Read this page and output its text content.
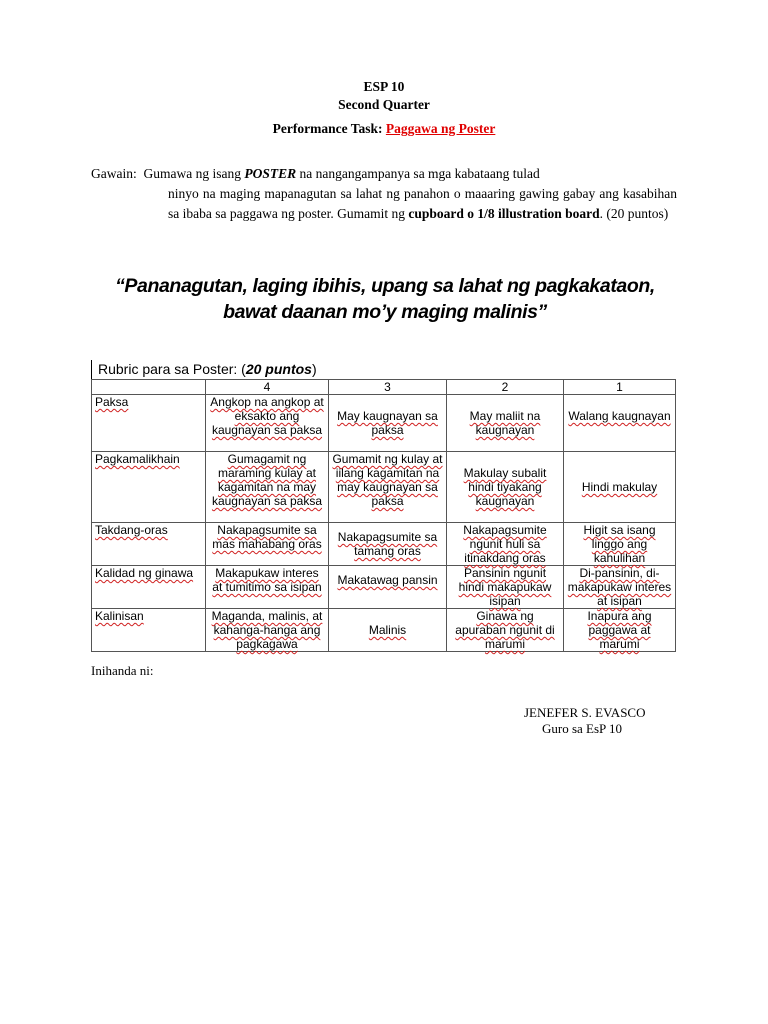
ESP 10
Second Quarter
Performance Task: Paggawa ng Poster
Gawain: Gumawa ng isang POSTER na nangangampanya sa mga kabataang tulad
ninyo na maging mapanagutan sa lahat ng panahon o maaaring gawing gabay ang kasabihan sa ibaba sa paggawa ng poster. Gumamit ng cupboard o 1/8 illustration board. (20 puntos)
“Pananagutan, laging ibihis, upang sa lahat ng pagkakataon,
bawat daanan mo’y maging malinis”
Rubric para sa Poster: (20 puntos)
	4	3	2	1
Paksa	Angkop na angkop at eksakto ang kaugnayan sa paksa	May kaugnayan sa paksa	May maliit na kaugnayan	Walang kaugnayan
Pagkamalikhain	Gumagamit ng maraming kulay at kagamitan na may kaugnayan sa paksa	Gumamit ng kulay at iilang kagamitan na may kaugnayan sa paksa	Makulay subalit hindi tiyakang kaugnayan	Hindi makulay
Takdang-oras	Nakapagsumite sa mas mahabang oras	Nakapagsumite sa tamang oras	Nakapagsumite ngunit huli sa itinakdang oras	Higit sa isang linggo ang kahulihan
Kalidad ng ginawa	Makapukaw interes at tumitimo sa isipan	Makatawag pansin	Pansinin ngunit hindi makapukaw isipan	Di-pansinin, di-makapukaw interes at isipan
Kalinisan	Maganda, malinis, at kahanga-hanga ang pagkagawa	Malinis	Ginawa ng apuraban ngunit di marumi	Inapura ang paggawa at marumi
Inihanda ni:
JENEFER S. EVASCO
Guro sa EsP 10
